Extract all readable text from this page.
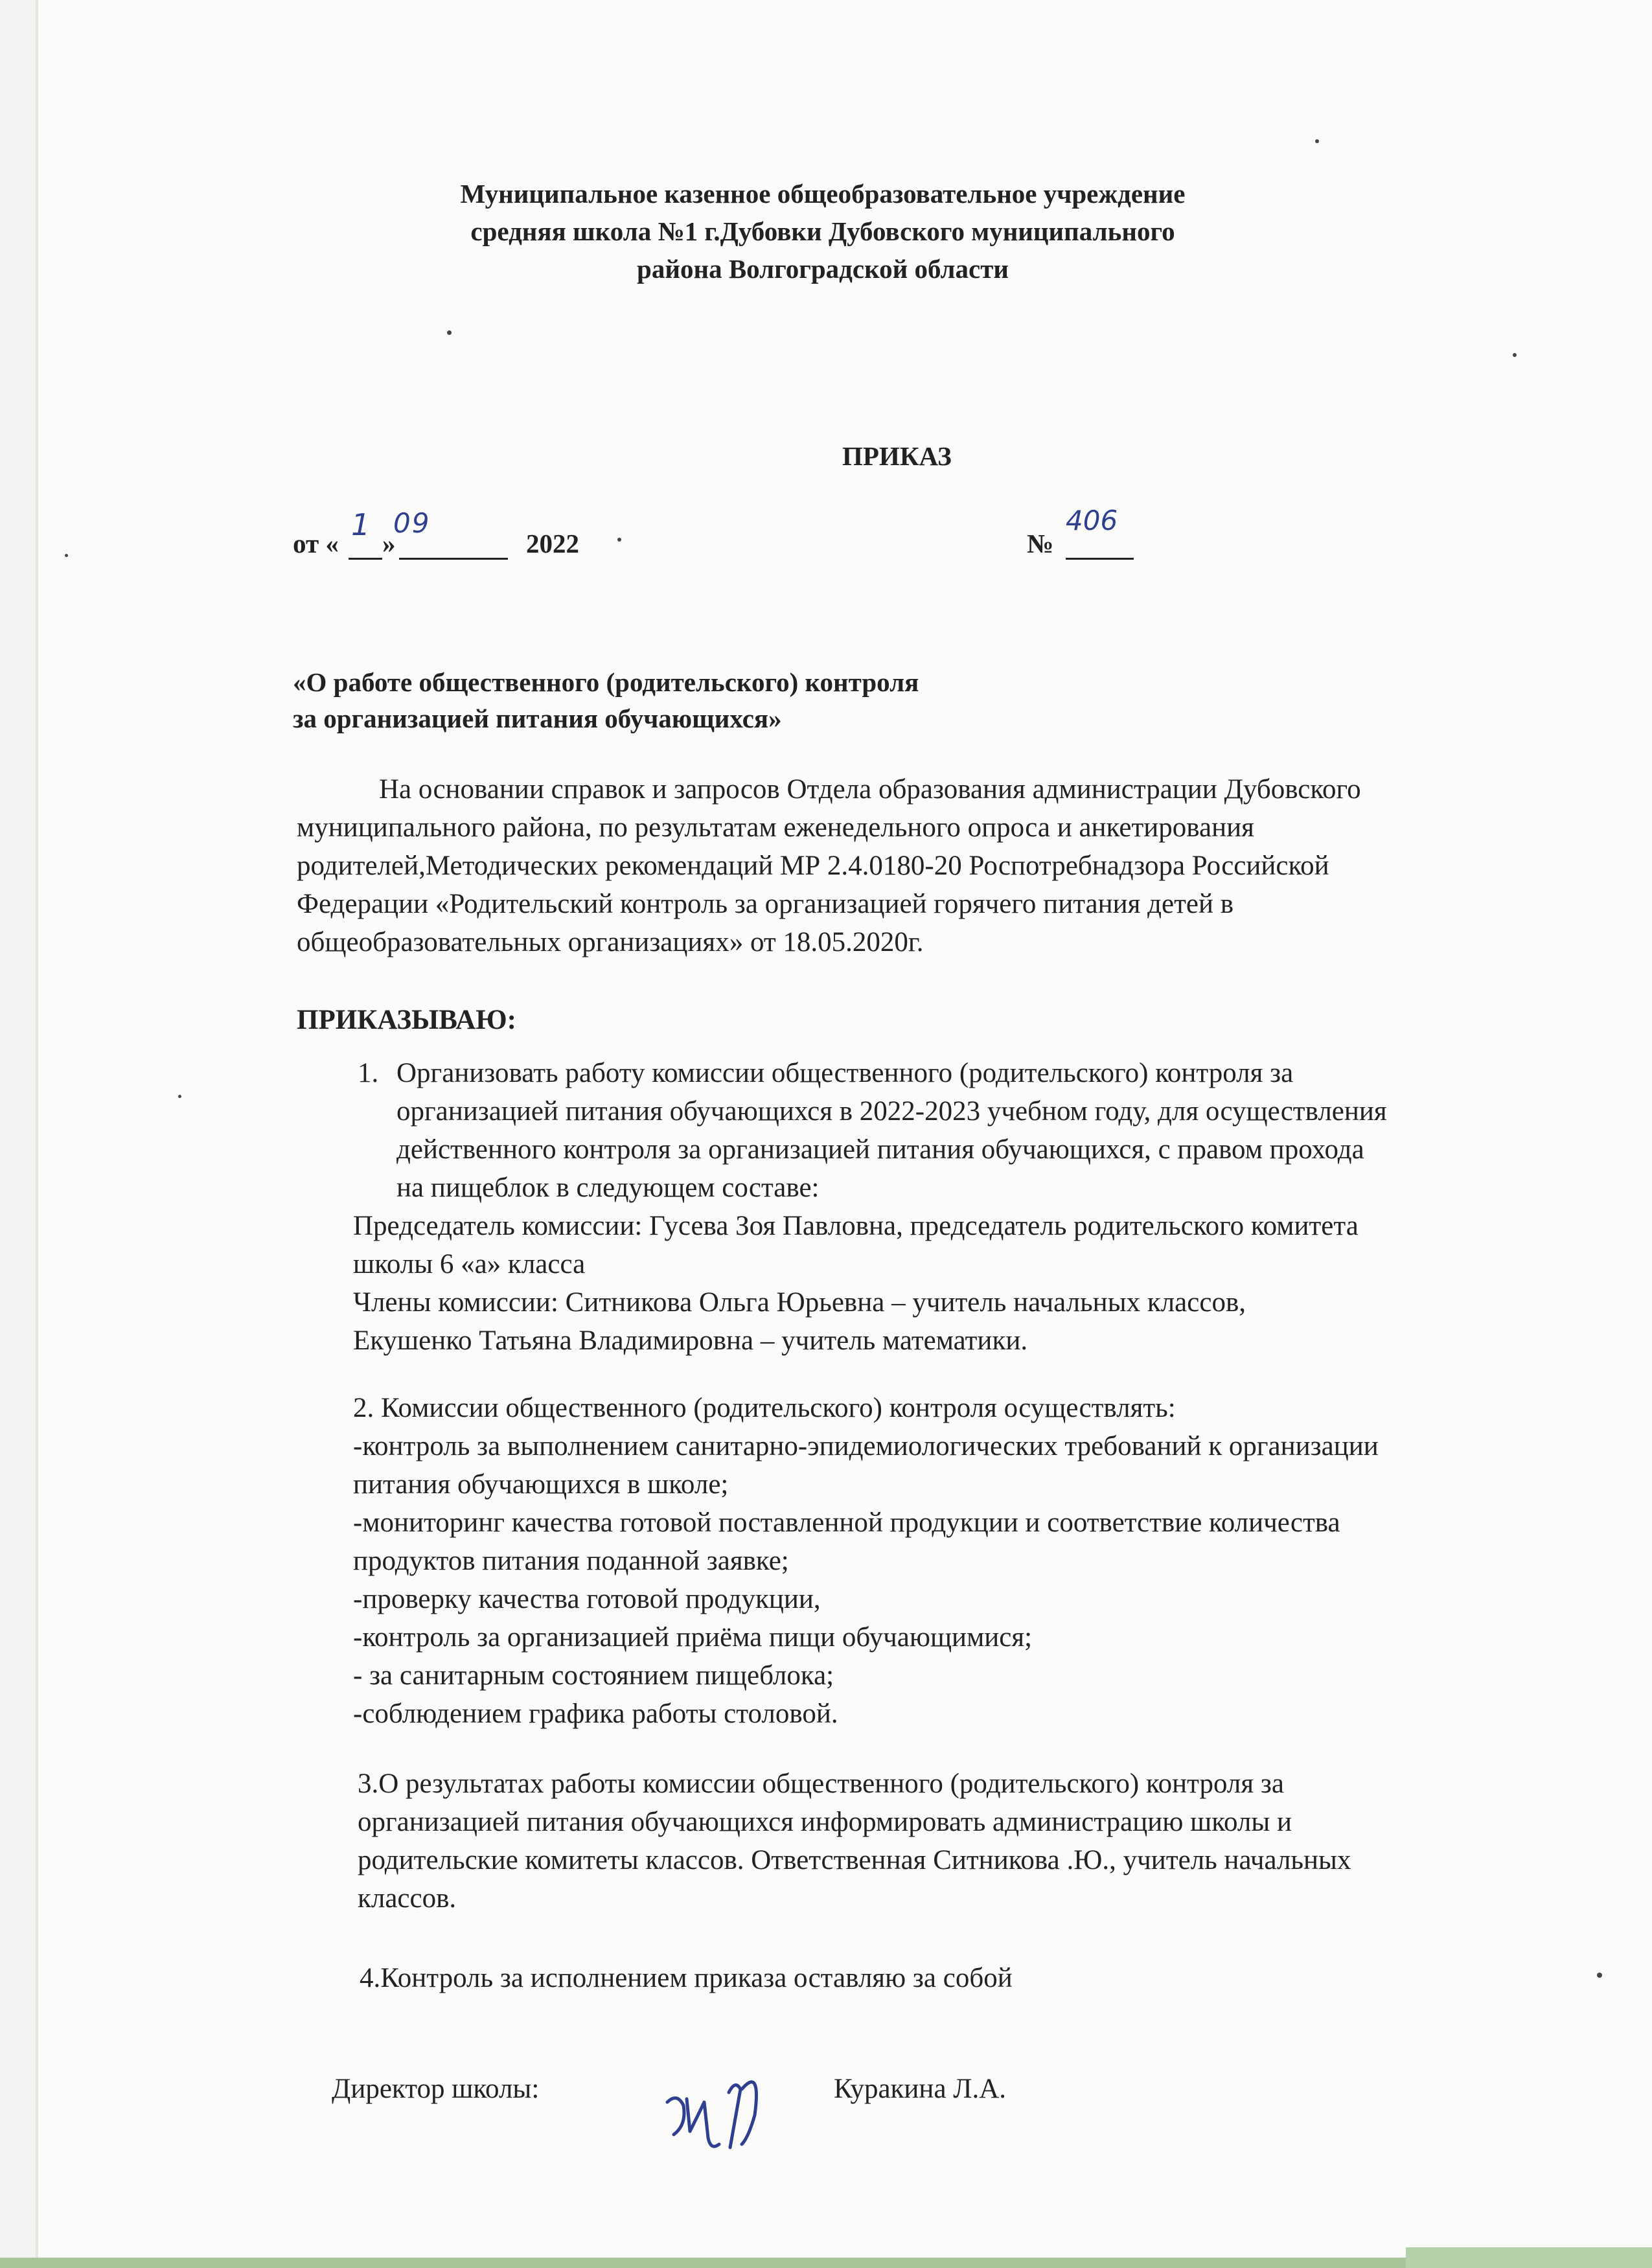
Муниципальное казенное общеобразовательное учреждение
средняя школа №1 г.Дубовки Дубовского муниципального
района Волгоградской области
ПРИКАЗ
от «
1
»
09
2022	№
406
«О работе общественного (родительского) контроля
за организацией питания обучающихся»
На основании справок и запросов Отдела образования администрации Дубовского
муниципального района, по результатам еженедельного опроса и анкетирования
родителей,Методических рекомендаций МР 2.4.0180-20 Роспотребнадзора Российской
Федерации «Родительский контроль за организацией горячего питания детей в
общеобразовательных организациях» от 18.05.2020г.
ПРИКАЗЫВАЮ:
1. Организовать работу комиссии общественного (родительского) контроля за
организацией питания обучающихся в 2022-2023 учебном году, для осуществления
действенного контроля за организацией питания обучающихся, с правом прохода
на пищеблок в следующем составе:
Председатель комиссии: Гусева Зоя Павловна, председатель родительского комитета
школы 6 «а» класса
Члены комиссии: Ситникова Ольга Юрьевна – учитель начальных классов,
Екушенко Татьяна Владимировна – учитель математики.
2. Комиссии общественного (родительского) контроля осуществлять:
-контроль за выполнением санитарно-эпидемиологических требований к организации
питания обучающихся в школе;
-мониторинг качества готовой поставленной продукции и соответствие количества
продуктов питания поданной заявке;
-проверку качества готовой продукции,
-контроль за организацией приёма пищи обучающимися;
- за санитарным состоянием пищеблока;
-соблюдением графика работы столовой.
3.О результатах работы комиссии общественного (родительского) контроля за
организацией питания обучающихся информировать администрацию школы и
родительские комитеты классов. Ответственная Ситникова .Ю., учитель начальных
классов.
4.Контроль за исполнением приказа оставляю за собой
Директор школы:	Куракина Л.А.
